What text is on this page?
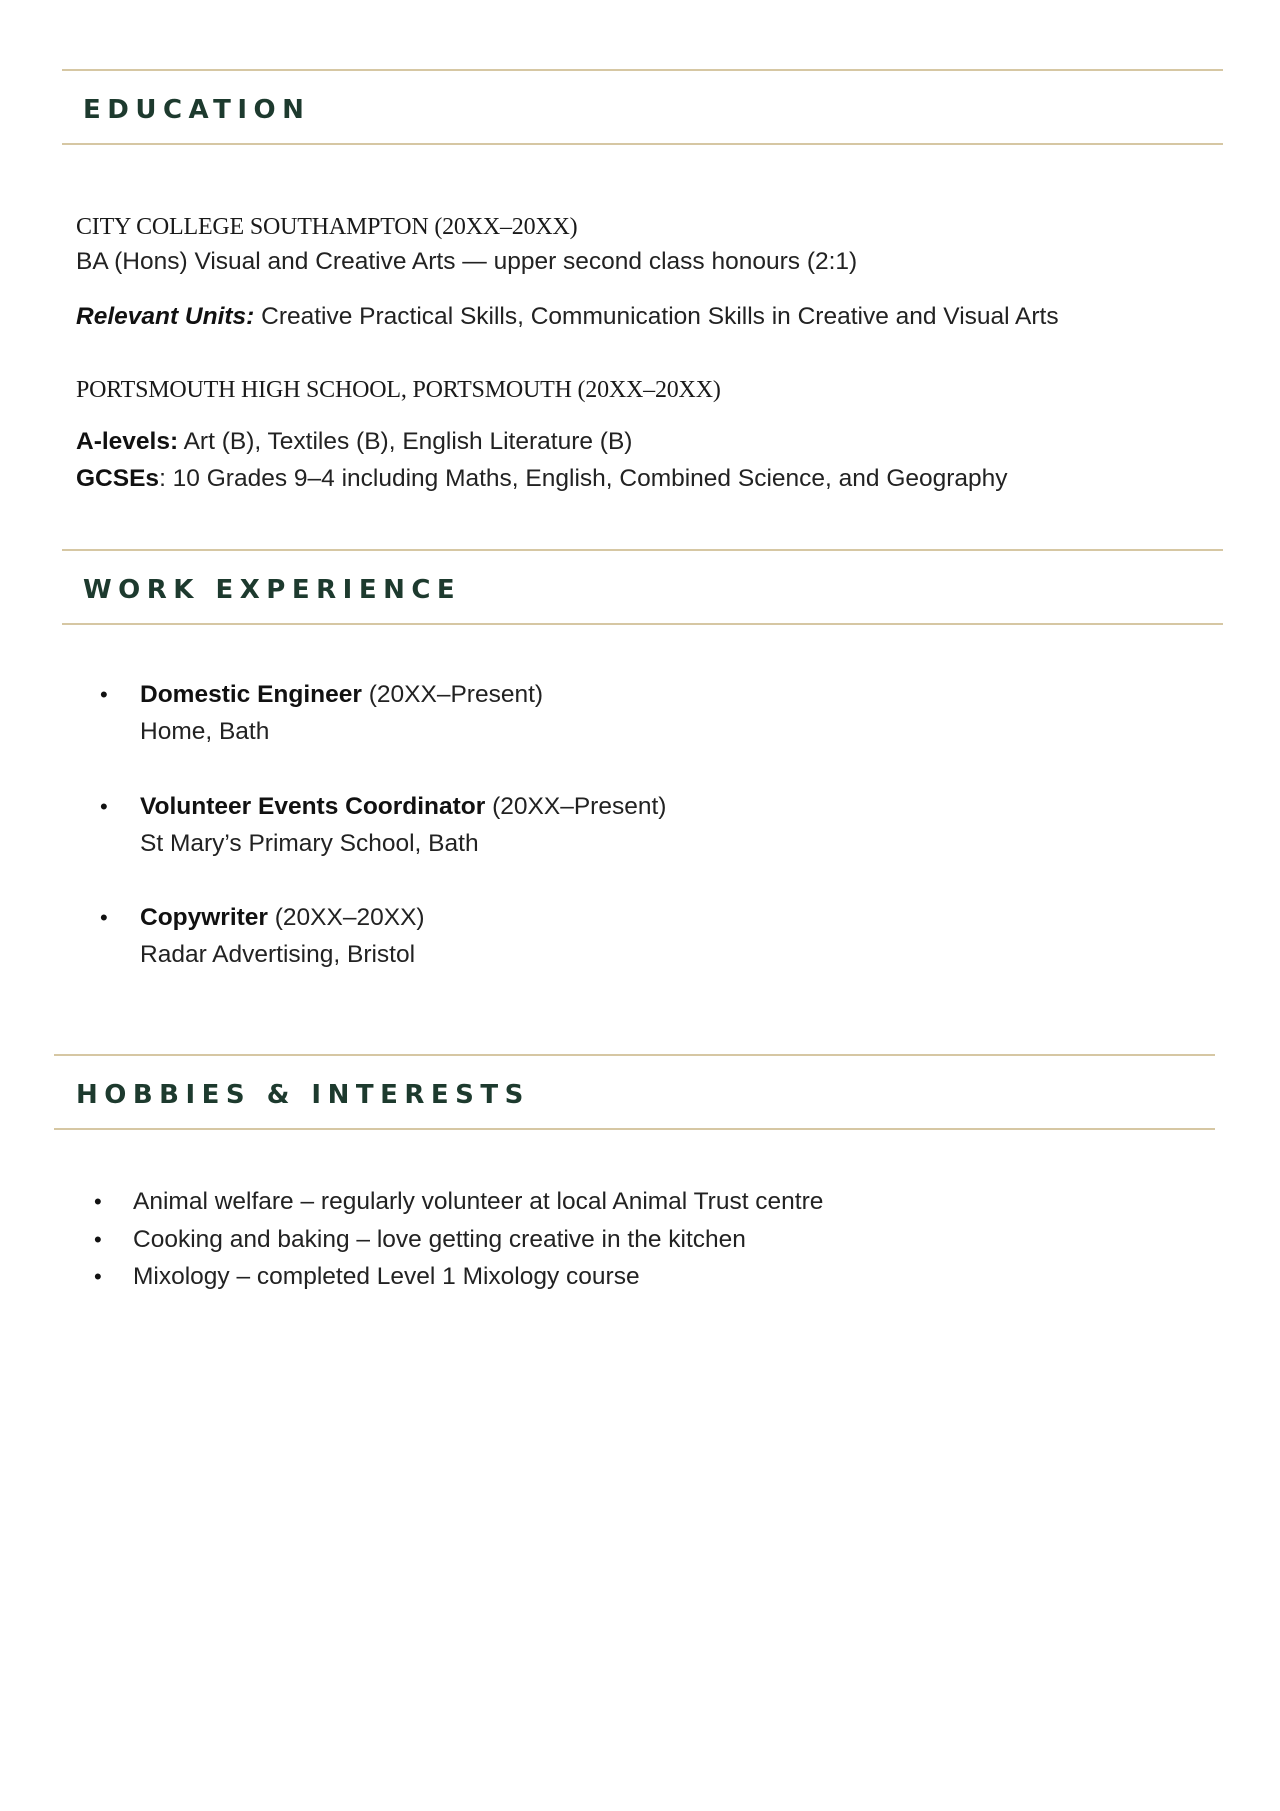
EDUCATION
CITY COLLEGE SOUTHAMPTON (20XX–20XX)
BA (Hons) Visual and Creative Arts — upper second class honours (2:1)
Relevant Units: Creative Practical Skills, Communication Skills in Creative and Visual Arts
PORTSMOUTH HIGH SCHOOL, PORTSMOUTH (20XX–20XX)
A-levels: Art (B), Textiles (B), English Literature (B)
GCSEs: 10 Grades 9–4 including Maths, English, Combined Science, and Geography
WORK EXPERIENCE
• Domestic Engineer (20XX–Present)
Home, Bath
• Volunteer Events Coordinator (20XX–Present)
St Mary’s Primary School, Bath
• Copywriter (20XX–20XX)
Radar Advertising, Bristol
HOBBIES & INTERESTS
• Animal welfare – regularly volunteer at local Animal Trust centre
• Cooking and baking – love getting creative in the kitchen
• Mixology – completed Level 1 Mixology course
